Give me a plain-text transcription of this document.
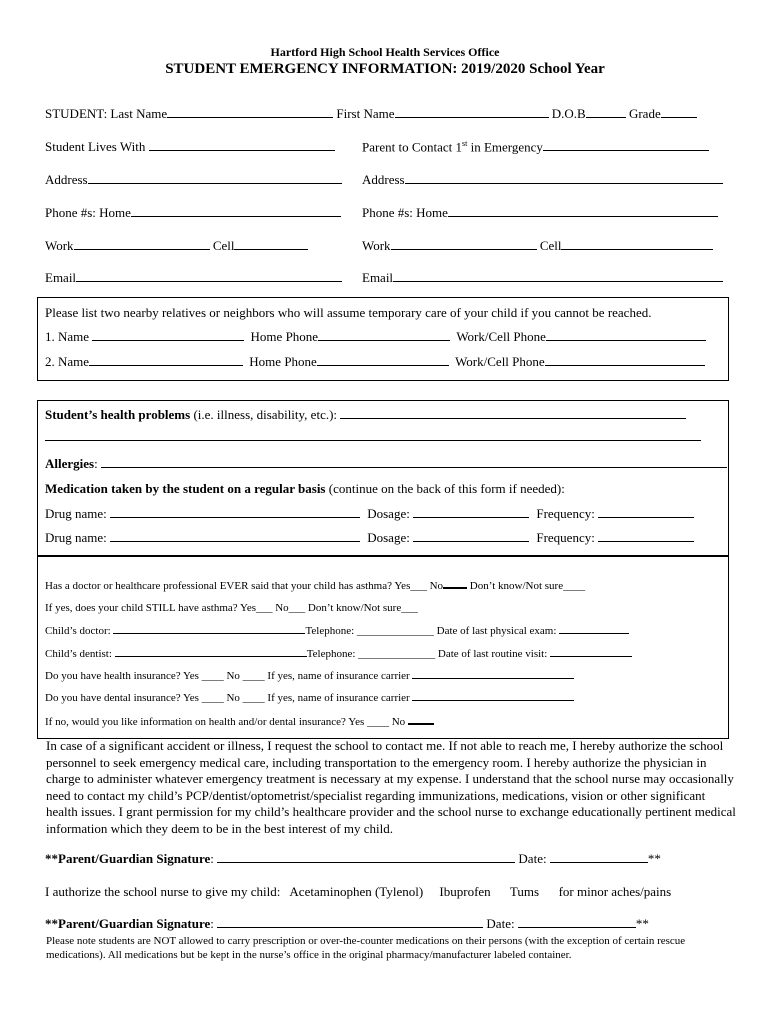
Hartford High School Health Services Office
STUDENT EMERGENCY INFORMATION: 2019/2020 School Year
STUDENT: Last Name	First Name	D.O.B	Grade
Student Lives With	Parent to Contact 1st in Emergency
Address	Address
Phone #s: Home	Phone #s: Home
Work	Cell	Work	Cell
Email	Email
Please list two nearby relatives or neighbors who will assume temporary care of your child if you cannot be reached.
1. Name	Home Phone	Work/Cell Phone
2. Name	Home Phone	Work/Cell Phone
Student’s health problems (i.e. illness, disability, etc.):
Allergies:
Medication taken by the student on a regular basis (continue on the back of this form if needed):
Drug name:	Dosage:	Frequency:
Drug name:	Dosage:	Frequency:
Has a doctor or healthcare professional EVER said that your child has asthma? Yes___ No Don’t know/Not sure____
If yes, does your child STILL have asthma? Yes___ No___ Don’t know/Not sure___
Child’s doctor:	Telephone: ______________ Date of last physical exam:
Child’s dentist:	Telephone: ______________ Date of last routine visit:
Do you have health insurance? Yes ____ No ____ If yes, name of insurance carrier
Do you have dental insurance? Yes ____ No ____ If yes, name of insurance carrier
If no, would you like information on health and/or dental insurance? Yes ____ No
In case of a significant accident or illness, I request the school to contact me. If not able to reach me, I hereby authorize the school personnel to seek emergency medical care, including transportation to the emergency room. I hereby authorize the physician in charge to administer whatever emergency treatment is necessary at my expense. I understand that the school nurse may occasionally need to contact my child’s PCP/dentist/optometrist/specialist regarding immunizations, medications, vision or other significant health issues. I grant permission for my child’s healthcare provider and the school nurse to exchange educationally pertinent medical information which they deem to be in the best interest of my child.
**Parent/Guardian Signature:	Date:	**
I authorize the school nurse to give my child:   Acetaminophen (Tylenol)     Ibuprofen      Tums      for minor aches/pains
**Parent/Guardian Signature:	Date:	**
Please note students are NOT allowed to carry prescription or over-the-counter medications on their persons (with the exception of certain rescue medications). All medications but be kept in the nurse’s office in the original pharmacy/manufacturer labeled container.
